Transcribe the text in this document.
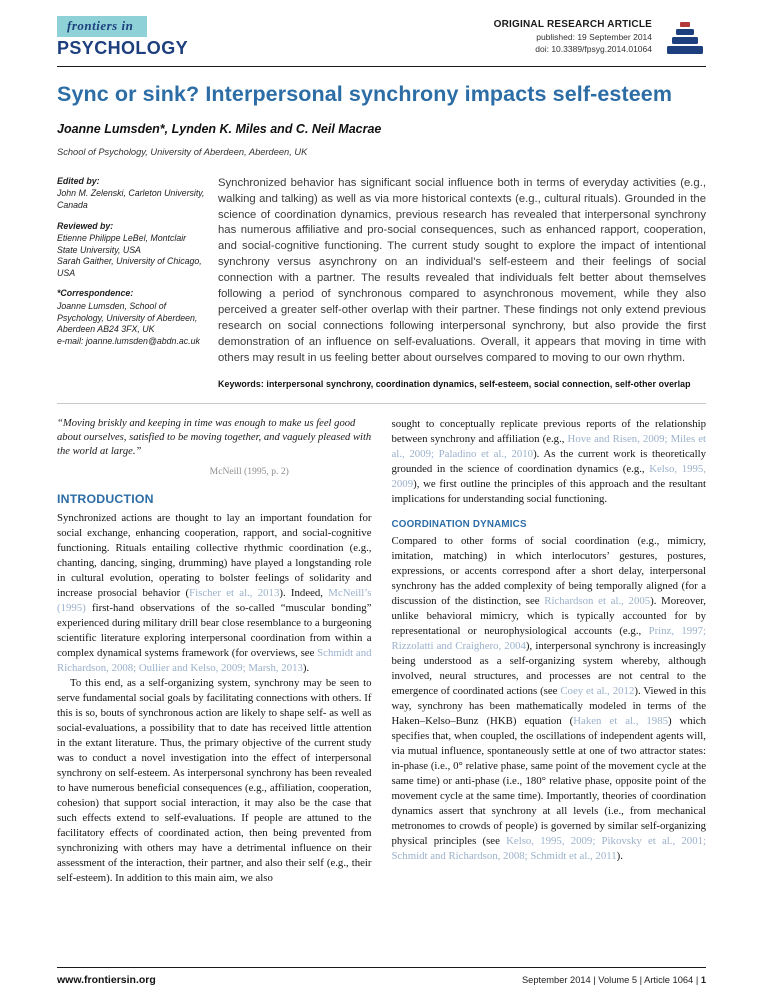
frontiers in
PSYCHOLOGY
ORIGINAL RESEARCH ARTICLE
published: 19 September 2014
doi: 10.3389/fpsyg.2014.01064
Sync or sink? Interpersonal synchrony impacts self-esteem
Joanne Lumsden*, Lynden K. Miles and C. Neil Macrae
School of Psychology, University of Aberdeen, Aberdeen, UK
Edited by:
John M. Zelenski, Carleton University, Canada
Reviewed by:
Etienne Philippe LeBel, Montclair State University, USA
Sarah Gaither, University of Chicago, USA
*Correspondence:
Joanne Lumsden, School of Psychology, University of Aberdeen, Aberdeen AB24 3FX, UK
e-mail: joanne.lumsden@abdn.ac.uk

Synchronized behavior has significant social influence both in terms of everyday activities (e.g., walking and talking) as well as via more historical contexts (e.g., cultural rituals). Grounded in the science of coordination dynamics, previous research has revealed that interpersonal synchrony has numerous affiliative and pro-social consequences, such as enhanced rapport, cooperation, and social-cognitive functioning. The current study sought to explore the impact of intentional synchrony versus asynchrony on an individual’s self-esteem and their feelings of social connection with a partner. The results revealed that individuals felt better about themselves following a period of synchronous compared to asynchronous movement, while they also perceived a greater self-other overlap with their partner. These findings not only extend previous research on social connections following interpersonal synchrony, but also provide the first demonstration of an influence on self-evaluations. Overall, it appears that moving in time with others may result in us feeling better about ourselves compared to moving to our own rhythm.

Keywords: interpersonal synchrony, coordination dynamics, self-esteem, social connection, self-other overlap

“Moving briskly and keeping in time was enough to make us feel good about ourselves, satisfied to be moving together, and vaguely pleased with the world at large.”
McNeill (1995, p. 2)
INTRODUCTION

Synchronized actions are thought to lay an important foundation for social exchange, enhancing cooperation, rapport, and social-cognitive functioning. Rituals entailing collective rhythmic coordination (e.g., chanting, dancing, singing, drumming) have played a longstanding role in cultural evolution, operating to bolster feelings of solidarity and increase prosocial behavior (Fischer et al., 2013). Indeed, McNeill’s (1995) first-hand observations of the so-called “muscular bonding” experienced during military drill bear close resemblance to a burgeoning scientific literature exploring interpersonal coordination from within a complex dynamical systems framework (for overviews, see Schmidt and Richardson, 2008; Oullier and Kelso, 2009; Marsh, 2013).

To this end, as a self-organizing system, synchrony may be seen to serve fundamental social goals by facilitating connections with others. If this is so, bouts of synchronous action are likely to shape self- as well as social-evaluations, a possibility that to date has received little attention in the extant literature. Thus, the primary objective of the current study was to conduct a novel investigation into the effect of interpersonal synchrony on self-esteem. As interpersonal synchrony has been revealed to have numerous beneficial consequences (e.g., affiliation, cooperation, cohesion) that support social interaction, it may also be the case that such effects extend to self-evaluations. If people are attuned to the facilitatory effects of coordinated action, then being prevented from synchronizing with others may have a detrimental influence on their assessment of the interaction, their partner, and also their self (e.g., their self-esteem). In addition to this main aim, we also

sought to conceptually replicate previous reports of the relationship between synchrony and affiliation (e.g., Hove and Risen, 2009; Miles et al., 2009; Paladino et al., 2010). As the current work is theoretically grounded in the science of coordination dynamics (e.g., Kelso, 1995, 2009), we first outline the principles of this approach and the resultant implications for understanding social functioning.

COORDINATION DYNAMICS

Compared to other forms of social coordination (e.g., mimicry, imitation, matching) in which interlocutors’ gestures, postures, expressions, or accents correspond after a short delay, interpersonal synchrony has the added complexity of being temporally aligned (for a discussion of the distinction, see Richardson et al., 2005). Moreover, unlike behavioral mimicry, which is typically accounted for by representational or neurophysiological accounts (e.g., Prinz, 1997; Rizzolatti and Craighero, 2004), interpersonal synchrony is increasingly being understood as a self-organizing system whereby, although involved, neural structures, and processes are not central to the emergence of coordinated actions (see Coey et al., 2012). Viewed in this way, synchrony has been mathematically modeled in terms of the Haken–Kelso–Bunz (HKB) equation (Haken et al., 1985) which specifies that, when coupled, the oscillations of independent agents will, via mutual influence, spontaneously settle at one of two attractor states: in-phase (i.e., 0° relative phase, same point of the movement cycle at the same time) or anti-phase (i.e., 180° relative phase, opposite point of the movement cycle at the same time). Importantly, theories of coordination dynamics assert that synchrony at all levels (i.e., from mechanical metronomes to crowds of people) is governed by similar self-organizing physical principles (see Kelso, 1995, 2009; Pikovsky et al., 2001; Schmidt and Richardson, 2008; Schmidt et al., 2011).

www.frontiersin.org	September 2014 | Volume 5 | Article 1064 | 1
